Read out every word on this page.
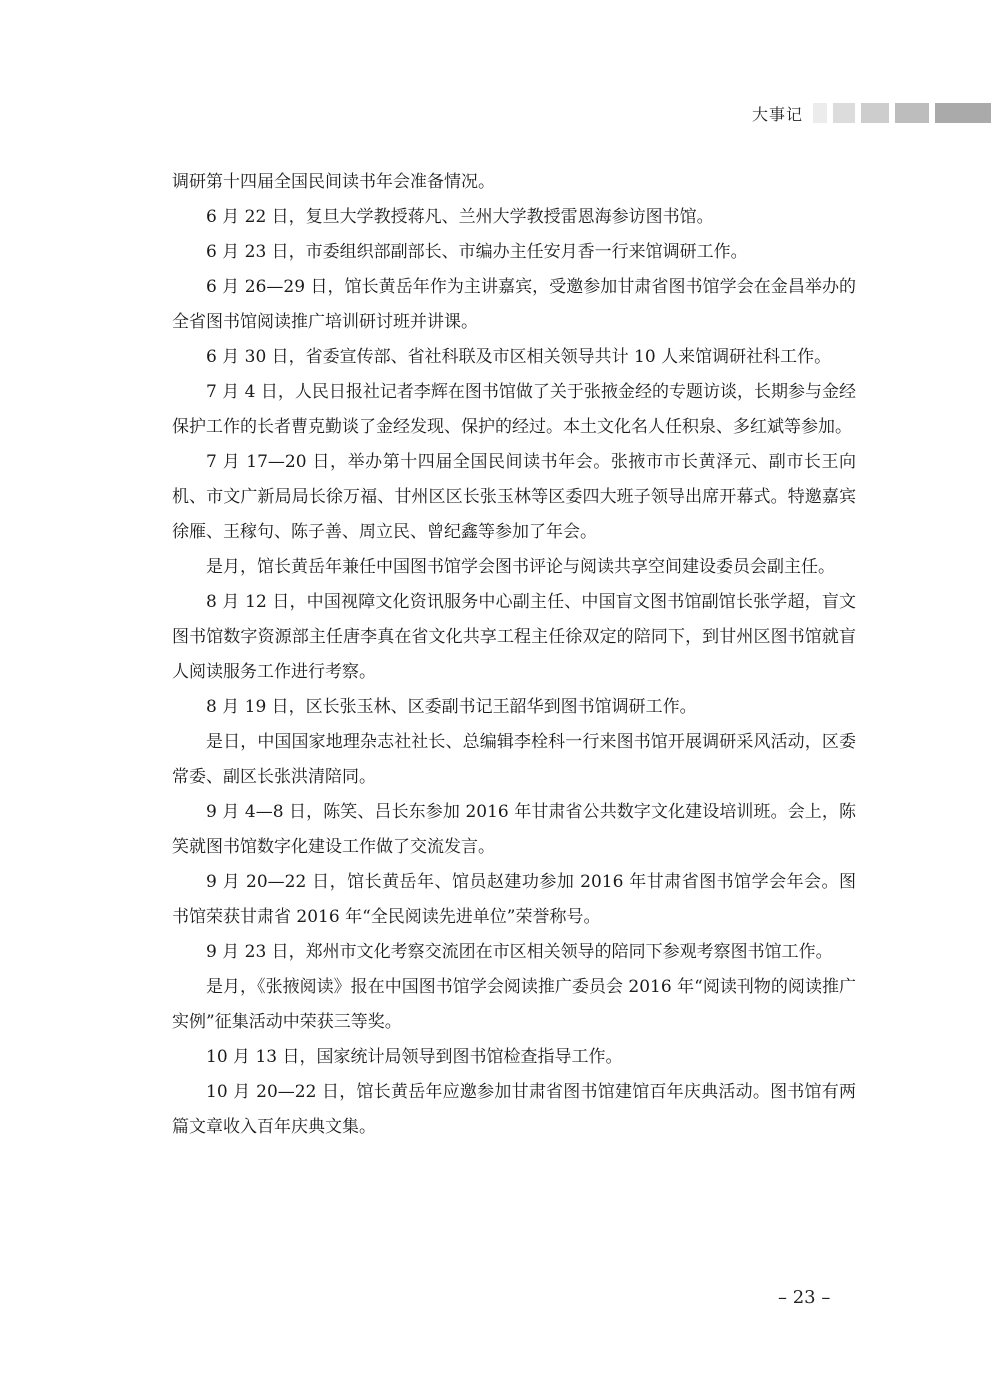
大事记

调研第十四届全国民间读书年会准备情况。

6 月 22 日，复旦大学教授蒋凡、兰州大学教授雷恩海参访图书馆。

6 月 23 日，市委组织部副部长、市编办主任安月香一行来馆调研工作。

6 月 26—29 日，馆长黄岳年作为主讲嘉宾，受邀参加甘肃省图书馆学会在金昌举办的全省图书馆阅读推广培训研讨班并讲课。

6 月 30 日，省委宣传部、省社科联及市区相关领导共计 10 人来馆调研社科工作。

7 月 4 日，人民日报社记者李辉在图书馆做了关于张掖金经的专题访谈，长期参与金经保护工作的长者曹克勤谈了金经发现、保护的经过。本土文化名人任积泉、多红斌等参加。

7 月 17—20 日，举办第十四届全国民间读书年会。张掖市市长黄泽元、副市长王向机、市文广新局局长徐万福、甘州区区长张玉林等区委四大班子领导出席开幕式。特邀嘉宾徐雁、王稼句、陈子善、周立民、曾纪鑫等参加了年会。

是月，馆长黄岳年兼任中国图书馆学会图书评论与阅读共享空间建设委员会副主任。

8 月 12 日，中国视障文化资讯服务中心副主任、中国盲文图书馆副馆长张学超，盲文图书馆数字资源部主任唐李真在省文化共享工程主任徐双定的陪同下，到甘州区图书馆就盲人阅读服务工作进行考察。

8 月 19 日，区长张玉林、区委副书记王韶华到图书馆调研工作。

是日，中国国家地理杂志社社长、总编辑李栓科一行来图书馆开展调研采风活动，区委常委、副区长张洪清陪同。

9 月 4—8 日，陈笑、吕长东参加 2016 年甘肃省公共数字文化建设培训班。会上，陈笑就图书馆数字化建设工作做了交流发言。

9 月 20—22 日，馆长黄岳年、馆员赵建功参加 2016 年甘肃省图书馆学会年会。图书馆荣获甘肃省 2016 年“全民阅读先进单位”荣誉称号。

9 月 23 日，郑州市文化考察交流团在市区相关领导的陪同下参观考察图书馆工作。

是月，《张掖阅读》报在中国图书馆学会阅读推广委员会 2016 年“阅读刊物的阅读推广实例”征集活动中荣获三等奖。

10 月 13 日，国家统计局领导到图书馆检查指导工作。

10 月 20—22 日，馆长黄岳年应邀参加甘肃省图书馆建馆百年庆典活动。图书馆有两篇文章收入百年庆典文集。

– 23 –
